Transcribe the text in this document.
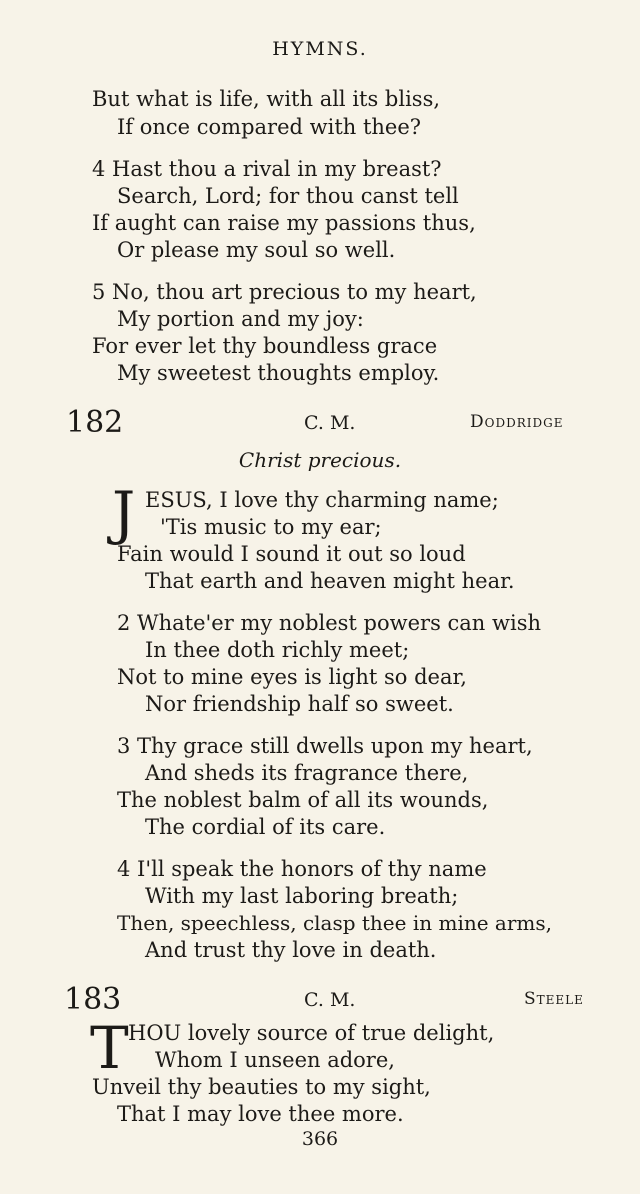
HYMNS.
But what is life, with all its bliss,
If once compared with thee?
4 Hast thou a rival in my breast?
Search, Lord; for thou canst tell
If aught can raise my passions thus,
Or please my soul so well.
5 No, thou art precious to my heart,
My portion and my joy:
For ever let thy boundless grace
My sweetest thoughts employ.
182	C. M.	Doddridge
Christ precious.
J ESUS, I love thy charming name;
'Tis music to my ear;
Fain would I sound it out so loud
That earth and heaven might hear.
2 Whate'er my noblest powers can wish
In thee doth richly meet;
Not to mine eyes is light so dear,
Nor friendship half so sweet.
3 Thy grace still dwells upon my heart,
And sheds its fragrance there,
The noblest balm of all its wounds,
The cordial of its care.
4 I'll speak the honors of thy name
With my last laboring breath;
Then, speechless, clasp thee in mine arms,
And trust thy love in death.
183	C. M.	Steele
T HOU lovely source of true delight,
Whom I unseen adore,
Unveil thy beauties to my sight,
That I may love thee more.
366
